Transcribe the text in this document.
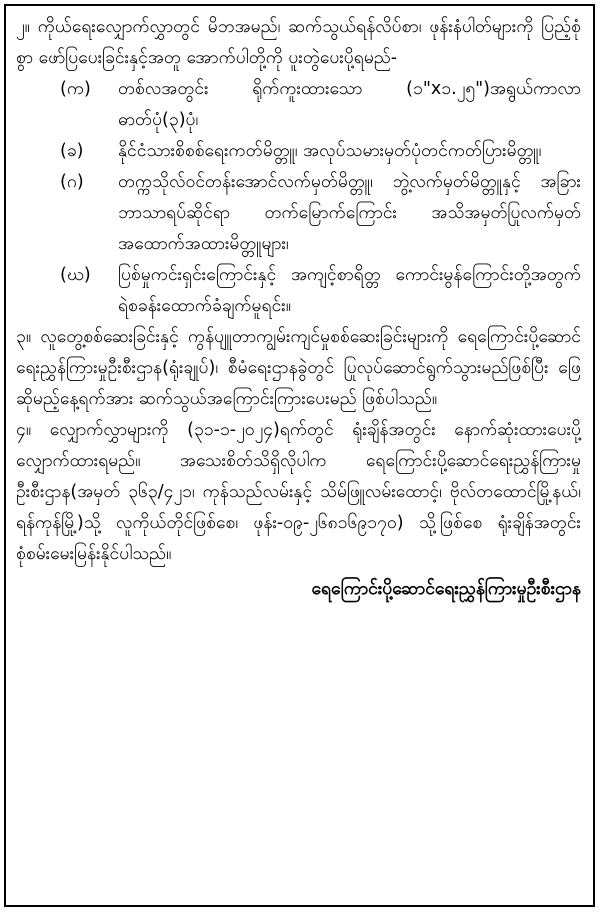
၂။ ကိုယ်ရေးလျှောက်လွှာတွင် မိဘအမည်၊ ဆက်သွယ်ရန်လိပ်စာ၊ ဖုန်းနံပါတ်များကို ပြည့်စုံစွာ ဖော်ပြပေးခြင်းနှင့်အတူ အောက်ပါတို့ကို ပူးတွဲပေးပို့ရမည်-

(က)	တစ်လအတွင်း ရိုက်ကူးထားသော (၁"x၁.၂၅")အရွယ်ကာလာဓာတ်ပုံ(၃)ပုံ၊
(ခ)	နိုင်ငံသားစိစစ်ရေးကတ်မိတ္တူ၊ အလုပ်သမားမှတ်ပုံတင်ကတ်ပြားမိတ္တူ၊
(ဂ)	တက္ကသိုလ်ဝင်တန်းအောင်လက်မှတ်မိတ္တူ၊ ဘွဲ့လက်မှတ်မိတ္တူနှင့် အခြားဘာသာရပ်ဆိုင်ရာ တက်မြောက်ကြောင်း အသိအမှတ်ပြုလက်မှတ် အထောက်အထားမိတ္တူများ၊
(ဃ)	ပြစ်မှုကင်းရှင်းကြောင်းနှင့် အကျင့်စာရိတ္တ ကောင်းမွန်ကြောင်းတို့အတွက် ရဲစခန်းထောက်ခံချက်မူရင်း။

၃။ လူတွေ့စစ်ဆေးခြင်းနှင့် ကွန်ပျူတာကျွမ်းကျင်မှုစစ်ဆေးခြင်းများကို ရေကြောင်းပို့ဆောင်ရေးညွှန်ကြားမှုဦးစီးဌာန(ရုံးချုပ်)၊ စီမံရေးဌာနခွဲတွင် ပြုလုပ်ဆောင်ရွက်သွားမည်ဖြစ်ပြီး ဖြေဆိုမည့်နေ့ရက်အား ဆက်သွယ်အကြောင်းကြားပေးမည် ဖြစ်ပါသည်။

၄။ လျှောက်လွှာများကို (၃၁-၁-၂၀၂၄)ရက်တွင် ရုံးချိန်အတွင်း နောက်ဆုံးထားပေးပို့လျှောက်ထားရမည်။ အသေးစိတ်သိရှိလိုပါက ရေကြောင်းပို့ဆောင်ရေးညွှန်ကြားမှုဦးစီးဌာန(အမှတ် ၃၆၃/၄၂၁၊ ကုန်သည်လမ်းနှင့် သိမ်ဖြူလမ်းထောင့်၊ ဗိုလ်တထောင်မြို့နယ်၊ ရန်ကုန်မြို့)သို့ လူကိုယ်တိုင်ဖြစ်စေ၊ ဖုန်း-၀၉-၂၆၈၁၆၉၁၇၀) သို့ဖြစ်စေ ရုံးချိန်အတွင်း စုံစမ်းမေးမြန်းနိုင်ပါသည်။

ရေကြောင်းပို့ဆောင်ရေးညွှန်ကြားမှုဦးစီးဌာန
